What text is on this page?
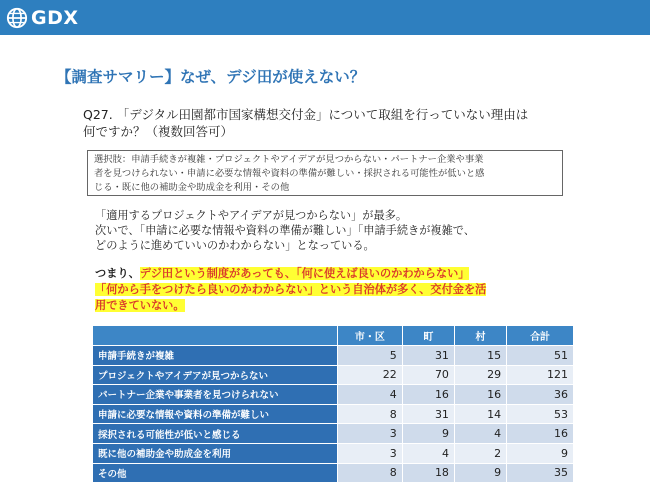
GDX
【調査サマリー】なぜ、デジ田が使えない？

Q27. 「デジタル田園都市国家構想交付金」について取組を行っていない理由は

何ですか？（複数回答可）

選択肢：申請手続きが複雑・プロジェクトやアイデアが見つからない・パートナー企業や事業

者を見つけられない・申請に必要な情報や資料の準備が難しい・採択される可能性が低いと感

じる・既に他の補助金や助成金を利用・その他

「適用するプロジェクトやアイデアが見つからない」が最多。

次いで、「申請に必要な情報や資料の準備が難しい」「申請手続きが複雑で、

どのように進めていいのかわからない」となっている。

つまり、デジ田という制度があっても、「何に使えば良いのかわからない」

「何から手をつけたら良いのかわからない」という自治体が多く、交付金を活

用できていない。

	市・区	町	村	合計
申請手続きが複雑	5	31	15	51
プロジェクトやアイデアが見つからない	22	70	29	121
パートナー企業や事業者を見つけられない	4	16	16	36
申請に必要な情報や資料の準備が難しい	8	31	14	53
採択される可能性が低いと感じる	3	9	4	16
既に他の補助金や助成金を利用	3	4	2	9
その他	8	18	9	35
